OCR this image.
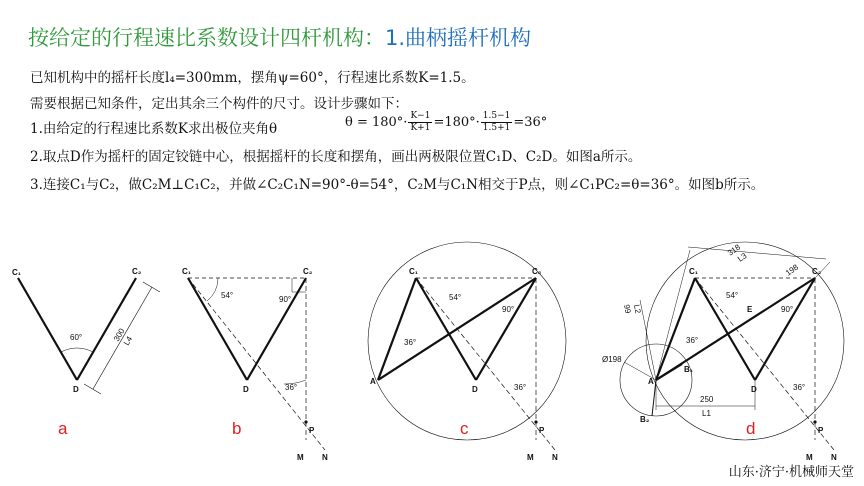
按给定的行程速比系数设计四杆机构：1.曲柄摇杆机构
已知机构中的摇杆长度l₄=300mm，摆角ψ=60°，行程速比系数K=1.5。
需要根据已知条件，定出其余三个构件的尺寸。设计步骤如下：
1.由给定的行程速比系数K求出极位夹角θ	$\theta = 180^\circ\cdot \frac{K-1}{K+1} =180^\circ\cdot \frac{1.5-1}{1.5+1} =36^\circ$
2.取点D作为摇杆的固定铰链中心，根据摇杆的长度和摆角，画出两极限位置C₁D、C₂D。如图a所示。
3.连接C₁与C₂，做C₂M⊥C₁C₂，并做∠C₂C₁N=90°-θ=54°，C₂M与C₁N相交于P点，则∠C₁PC₂=θ=36°。如图b所示。
60°	300
L4
C₁	C₂
D
a
54°	90°
36°
C₁	C₂
D
P
M N
b
54°
90°
36°
36°
C₁	C₂
A
D
P
M N
c
318
L3
198
99 L2
250
L1
Ø198
54°
90°
36°
36°
C₁	C₂
A
D
E
B₁
B₂
P
M N
d
山东·济宁·机械师天堂
